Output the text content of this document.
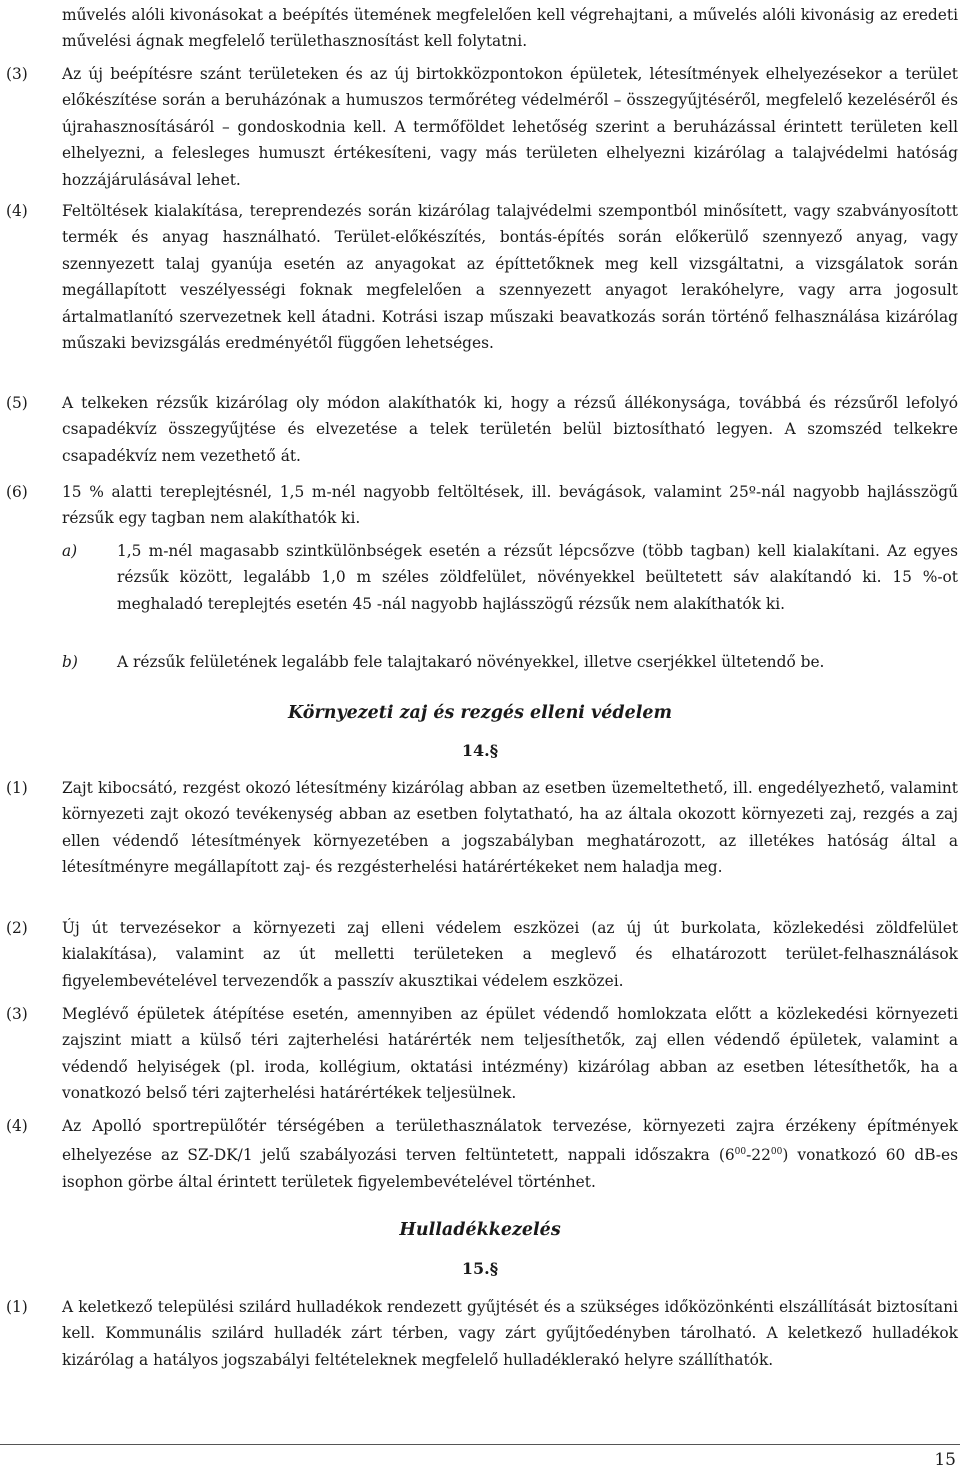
művelés alóli kivonásokat a beépítés ütemének megfelelően kell végrehajtani, a művelés alóli kivonásig az eredeti művelési ágnak megfelelő területhasznosítást kell folytatni.

(3) Az új beépítésre szánt területeken és az új birtokközpontokon épületek, létesítmények elhelyezésekor a terület előkészítése során a beruházónak a humuszos termőréteg védelméről – összegyűjtéséről, megfelelő kezeléséről és újrahasznosításáról – gondoskodnia kell. A termőföldet lehetőség szerint a beruházással érintett területen kell elhelyezni, a felesleges humuszt értékesíteni, vagy más területen elhelyezni kizárólag a talajvédelmi hatóság hozzájárulásával lehet.

(4) Feltöltések kialakítása, tereprendezés során kizárólag talajvédelmi szempontból minősített, vagy szabványosított termék és anyag használható. Terület-előkészítés, bontás-építés során előkerülő szennyező anyag, vagy szennyezett talaj gyanúja esetén az anyagokat az építtetőknek meg kell vizsgáltatni, a vizsgálatok során megállapított veszélyességi foknak megfelelően a szennyezett anyagot lerakóhelyre, vagy arra jogosult ártalmatlanító szervezetnek kell átadni. Kotrási iszap műszaki beavatkozás során történő felhasználása kizárólag műszaki bevizsgálás eredményétől függően lehetséges.

(5) A telkeken rézsűk kizárólag oly módon alakíthatók ki, hogy a rézsű állékonysága, továbbá és rézsűről lefolyó csapadékvíz összegyűjtése és elvezetése a telek területén belül biztosítható legyen. A szomszéd telkekre csapadékvíz nem vezethető át.

(6) 15 % alatti tereplejtésnél, 1,5 m-nél nagyobb feltöltések, ill. bevágások, valamint 25º-nál nagyobb hajlásszögű rézsűk egy tagban nem alakíthatók ki.

a)	1,5 m-nél magasabb szintkülönbségek esetén a rézsűt lépcsőzve (több tagban) kell kialakítani. Az egyes rézsűk között, legalább 1,0 m széles zöldfelület, növényekkel beültetett sáv alakítandó ki. 15 %-ot meghaladó tereplejtés esetén 45 -nál nagyobb hajlásszögű rézsűk nem alakíthatók ki.

b)	A rézsűk felületének legalább fele talajtakaró növényekkel, illetve cserjékkel ültetendő be.

Környezeti zaj és rezgés elleni védelem

14.§

(1) Zajt kibocsátó, rezgést okozó létesítmény kizárólag abban az esetben üzemeltethető, ill. engedélyezhető, valamint környezeti zajt okozó tevékenység abban az esetben folytatható, ha az általa okozott környezeti zaj, rezgés a zaj ellen védendő létesítmények környezetében a jogszabályban meghatározott, az illetékes hatóság által a létesítményre megállapított zaj- és rezgésterhelési határértékeket nem haladja meg.

(2) Új út tervezésekor a környezeti zaj elleni védelem eszközei (az új út burkolata, közlekedési zöldfelület kialakítása), valamint az út melletti területeken a meglevő és elhatározott terület-felhasználások figyelembevételével tervezendők a passzív akusztikai védelem eszközei.

(3) Meglévő épületek átépítése esetén, amennyiben az épület védendő homlokzata előtt a közlekedési környezeti zajszint miatt a külső téri zajterhelési határérték nem teljesíthetők, zaj ellen védendő épületek, valamint a védendő helyiségek (pl. iroda, kollégium, oktatási intézmény) kizárólag abban az esetben létesíthetők, ha a vonatkozó belső téri zajterhelési határértékek teljesülnek.

(4) Az Apolló sportrepülőtér térségében a területhasználatok tervezése, környezeti zajra érzékeny építmények elhelyezése az SZ-DK/1 jelű szabályozási terven feltüntetett, nappali időszakra $(6^{00}-22^{00})$ vonatkozó 60 dB-es isophon görbe által érintett területek figyelembevételével történhet.

Hulladékkezelés

15.§

(1) A keletkező települési szilárd hulladékok rendezett gyűjtését és a szükséges időközönkénti elszállítását biztosítani kell. Kommunális szilárd hulladék zárt térben, vagy zárt gyűjtőedényben tárolható. A keletkező hulladékok kizárólag a hatályos jogszabályi feltételeknek megfelelő hulladéklerakó helyre szállíthatók.

15
